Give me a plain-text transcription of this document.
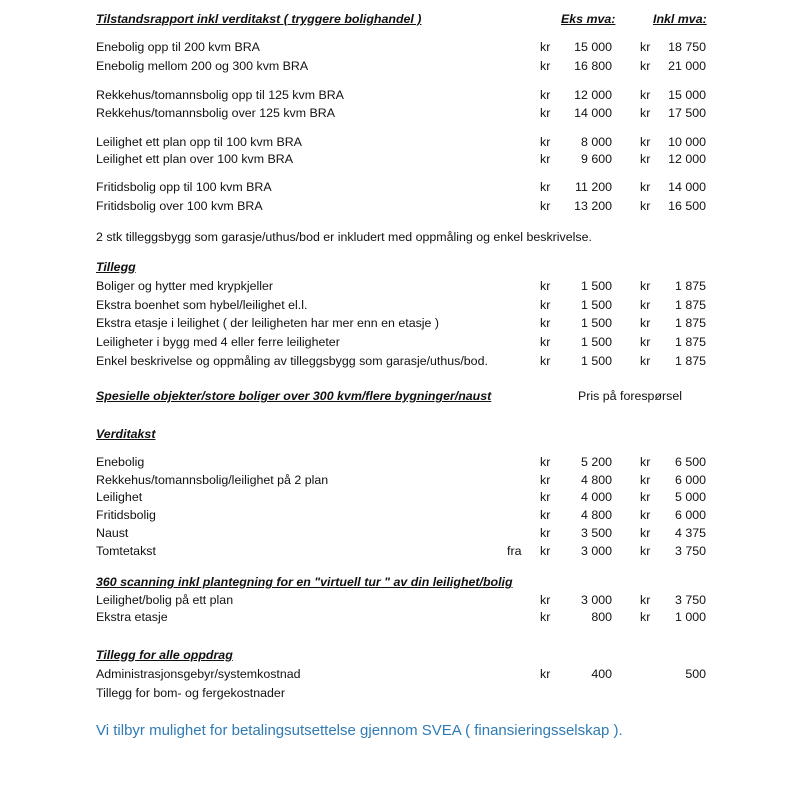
Tilstandsrapport inkl verditakst ( tryggere bolighandel )	Eks mva:	Inkl mva:
Enebolig opp til 200 kvm BRA	kr 15 000 kr 18 750
Enebolig mellom 200 og 300 kvm BRA	kr 16 800 kr 21 000
Rekkehus/tomannsbolig opp til 125 kvm BRA	kr 12 000 kr 15 000
Rekkehus/tomannsbolig over 125 kvm BRA	kr 14 000 kr 17 500
Leilighet ett plan opp til 100 kvm BRA	kr 8 000 kr 10 000
Leilighet ett plan over 100 kvm BRA	kr 9 600 kr 12 000
Fritidsbolig opp til 100 kvm BRA	kr 11 200 kr 14 000
Fritidsbolig over 100 kvm BRA	kr 13 200 kr 16 500
2 stk tilleggsbygg som garasje/uthus/bod er inkludert med oppmåling og enkel beskrivelse.
Tillegg
Boliger og hytter med krypkjeller	kr 1 500 kr 1 875
Ekstra boenhet som hybel/leilighet el.l.	kr 1 500 kr 1 875
Ekstra etasje i leilighet ( der leiligheten har mer enn en etasje )	kr 1 500 kr 1 875
Leiligheter i bygg med 4 eller ferre leiligheter	kr 1 500 kr 1 875
Enkel beskrivelse og oppmåling av tilleggsbygg som garasje/uthus/bod.	kr 1 500 kr 1 875
Spesielle objekter/store boliger over 300 kvm/flere bygninger/naust	Pris på forespørsel
Verditakst
Enebolig	kr 5 200 kr 6 500
Rekkehus/tomannsbolig/leilighet på 2 plan	kr 4 800 kr 6 000
Leilighet	kr 4 000 kr 5 000
Fritidsbolig	kr 4 800 kr 6 000
Naust	kr 3 500 kr 4 375
Tomtetakst	fra kr 3 000 kr 3 750
360 scanning inkl plantegning for en "virtuell tur " av din leilighet/bolig
Leilighet/bolig på ett plan	kr 3 000 kr 3 750
Ekstra etasje	kr	800 kr 1 000
Tillegg for alle oppdrag
Administrasjonsgebyr/systemkostnad	kr	400	500
Tillegg for bom- og fergekostnader
Vi tilbyr mulighet for betalingsutsettelse gjennom SVEA ( finansieringsselskap ).
